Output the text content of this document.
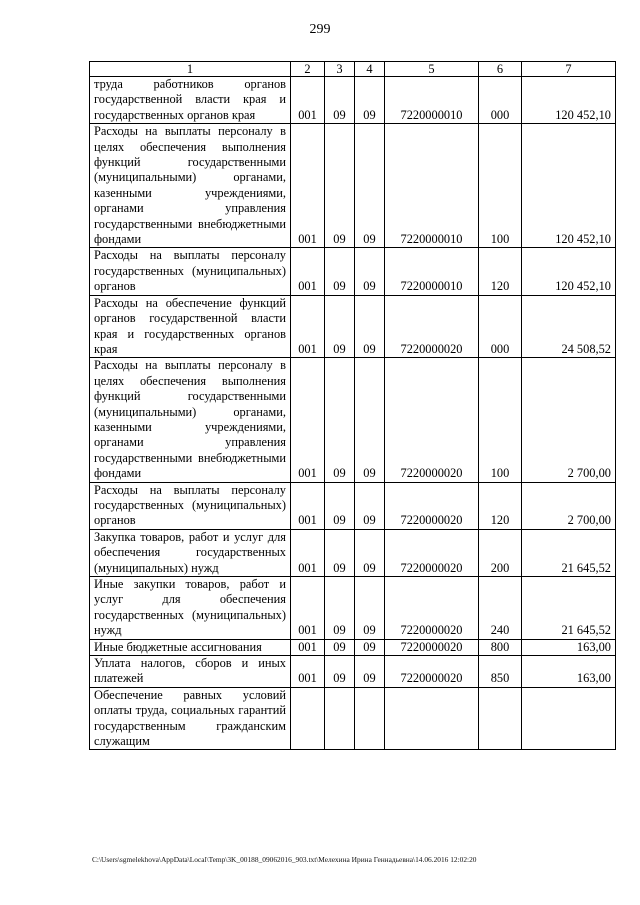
299
1	2	3	4	5	6	7

труда работников органов государственной власти края и государственных органов края	001	09	09	7220000010	000	120 452,10

Расходы на выплаты персоналу в целях обеспечения выполнения функций государственными (муниципальными) органами, казенными учреждениями, органами управления государственными внебюджетными фондами	001	09	09	7220000010	100	120 452,10

Расходы на выплаты персоналу государственных (муниципальных) органов	001	09	09	7220000010	120	120 452,10

Расходы на обеспечение функций органов государственной власти края и государственных органов края	001	09	09	7220000020	000	24 508,52

Расходы на выплаты персоналу в целях обеспечения выполнения функций государственными (муниципальными) органами, казенными учреждениями, органами управления государственными внебюджетными фондами	001	09	09	7220000020	100	2 700,00

Расходы на выплаты персоналу государственных (муниципальных) органов	001	09	09	7220000020	120	2 700,00

Закупка товаров, работ и услуг для обеспечения государственных (муниципальных) нужд	001	09	09	7220000020	200	21 645,52

Иные закупки товаров, работ и услуг для обеспечения государственных (муниципальных) нужд	001	09	09	7220000020	240	21 645,52

Иные бюджетные ассигнования	001	09	09	7220000020	800	163,00

Уплата налогов, сборов и иных платежей	001	09	09	7220000020	850	163,00

Обеспечение равных условий оплаты труда, социальных гарантий государственным гражданским служащим						

C:\Users\sgmelekhova\AppData\Local\Temp\3K_00188_09062016_903.txt\Мелехина Ирина Геннадьевна\14.06.2016 12:02:20
